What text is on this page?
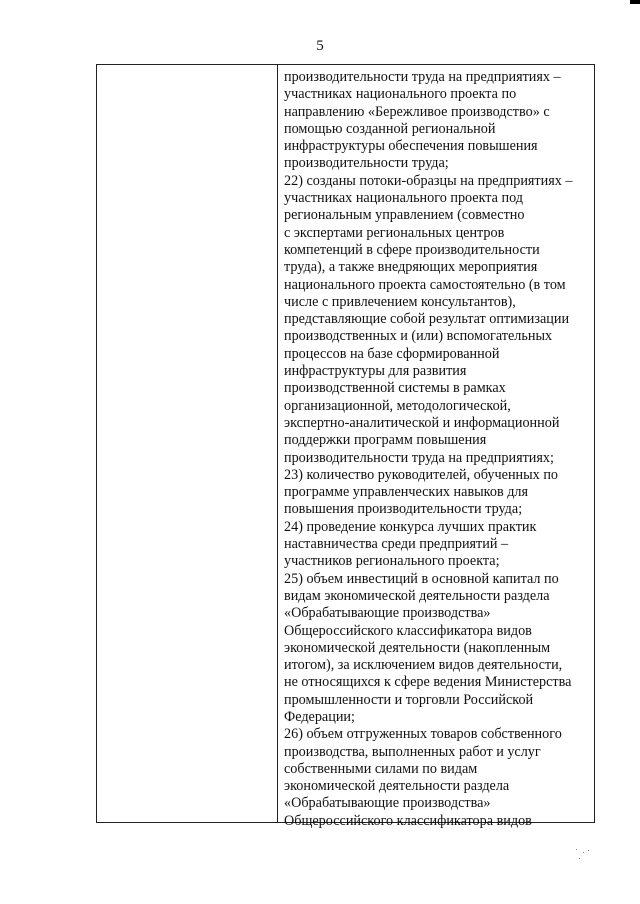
5
производительности труда на предприятиях –
участниках национального проекта по
направлению «Бережливое производство» с
помощью созданной региональной
инфраструктуры обеспечения повышения
производительности труда;
22) созданы потоки-образцы на предприятиях –
участниках национального проекта под
региональным управлением (совместно
с экспертами региональных центров
компетенций в сфере производительности
труда), а также внедряющих мероприятия
национального проекта самостоятельно (в том
числе с привлечением консультантов),
представляющие собой результат оптимизации
производственных и (или) вспомогательных
процессов на базе сформированной
инфраструктуры для развития
производственной системы в рамках
организационной, методологической,
экспертно-аналитической и информационной
поддержки программ повышения
производительности труда на предприятиях;
23) количество руководителей, обученных по
программе управленческих навыков для
повышения производительности труда;
24) проведение конкурса лучших практик
наставничества среди предприятий –
участников регионального проекта;
25) объем инвестиций в основной капитал по
видам экономической деятельности раздела
«Обрабатывающие производства»
Общероссийского классификатора видов
экономической деятельности (накопленным
итогом), за исключением видов деятельности,
не относящихся к сфере ведения Министерства
промышленности и торговли Российской
Федерации;
26) объем отгруженных товаров собственного
производства, выполненных работ и услуг
собственными силами по видам
экономической деятельности раздела
«Обрабатывающие производства»
Общероссийского классификатора видов
